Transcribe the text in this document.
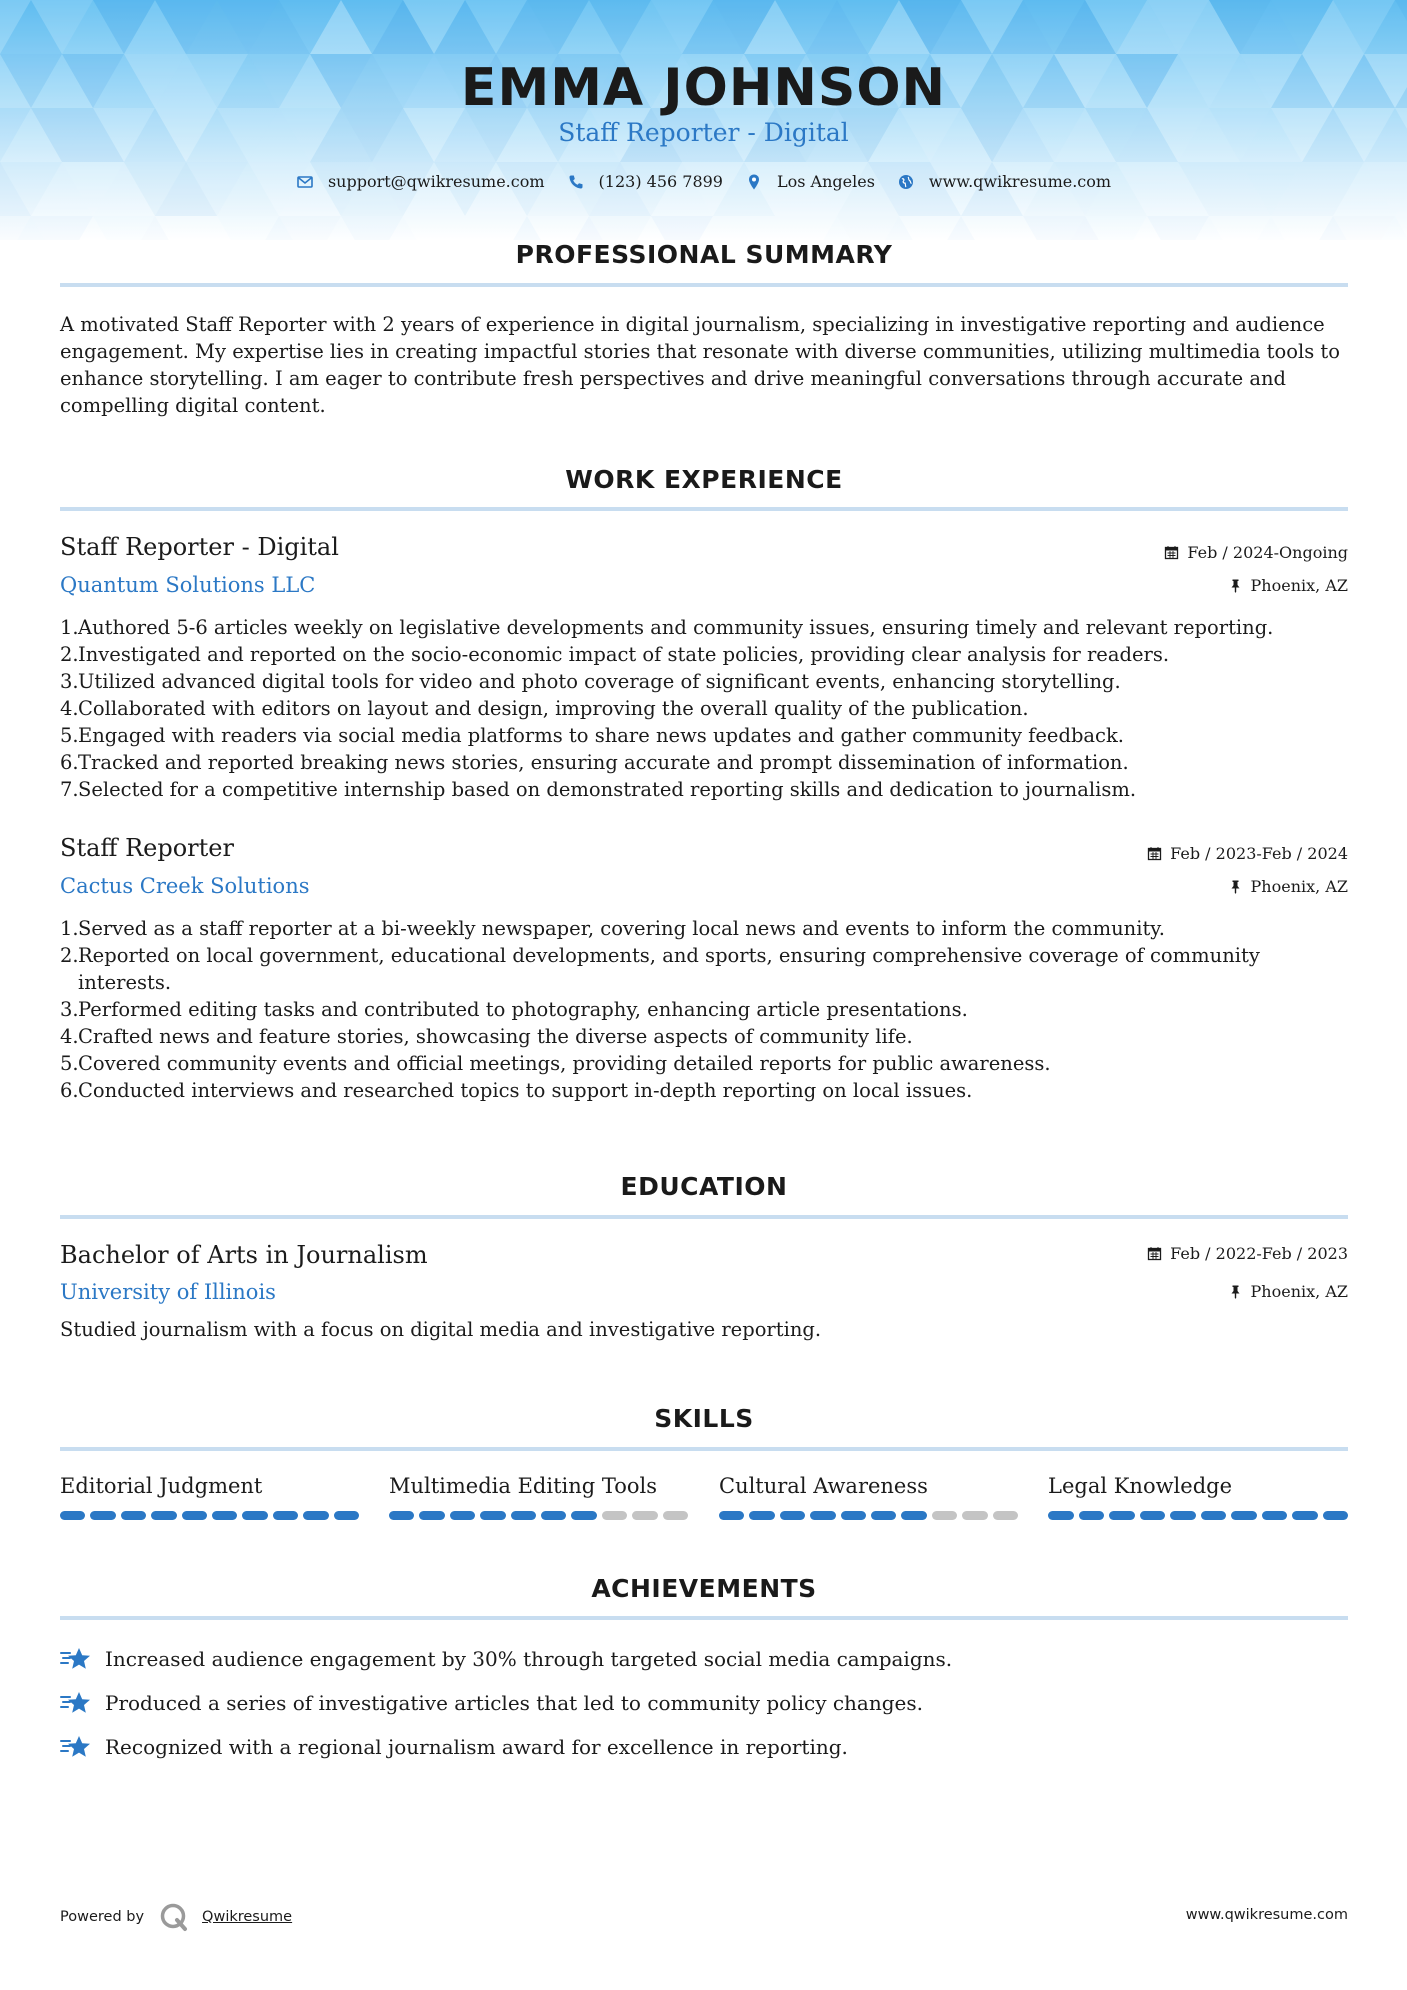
EMMA JOHNSON
Staff Reporter - Digital
support@qwikresume.com	(123) 456 7899	Los Angeles	www.qwikresume.com
PROFESSIONAL SUMMARY
A motivated Staff Reporter with 2 years of experience in digital journalism, specializing in investigative reporting and audience engagement. My expertise lies in creating impactful stories that resonate with diverse communities, utilizing multimedia tools to enhance storytelling. I am eager to contribute fresh perspectives and drive meaningful conversations through accurate and compelling digital content.
WORK EXPERIENCE
Staff Reporter - Digital	Feb / 2024-Ongoing
Quantum Solutions LLC	Phoenix, AZ
1. Authored 5-6 articles weekly on legislative developments and community issues, ensuring timely and relevant reporting.
2. Investigated and reported on the socio-economic impact of state policies, providing clear analysis for readers.
3. Utilized advanced digital tools for video and photo coverage of significant events, enhancing storytelling.
4. Collaborated with editors on layout and design, improving the overall quality of the publication.
5. Engaged with readers via social media platforms to share news updates and gather community feedback.
6. Tracked and reported breaking news stories, ensuring accurate and prompt dissemination of information.
7. Selected for a competitive internship based on demonstrated reporting skills and dedication to journalism.
Staff Reporter	Feb / 2023-Feb / 2024
Cactus Creek Solutions	Phoenix, AZ
1. Served as a staff reporter at a bi-weekly newspaper, covering local news and events to inform the community.
2. Reported on local government, educational developments, and sports, ensuring comprehensive coverage of community interests.
3. Performed editing tasks and contributed to photography, enhancing article presentations.
4. Crafted news and feature stories, showcasing the diverse aspects of community life.
5. Covered community events and official meetings, providing detailed reports for public awareness.
6. Conducted interviews and researched topics to support in-depth reporting on local issues.
EDUCATION
Bachelor of Arts in Journalism	Feb / 2022-Feb / 2023
University of Illinois	Phoenix, AZ
Studied journalism with a focus on digital media and investigative reporting.
SKILLS
Editorial Judgment	Multimedia Editing Tools	Cultural Awareness	Legal Knowledge
ACHIEVEMENTS
Increased audience engagement by 30% through targeted social media campaigns.
Produced a series of investigative articles that led to community policy changes.
Recognized with a regional journalism award for excellence in reporting.
Powered by	Qwikresume	www.qwikresume.com
